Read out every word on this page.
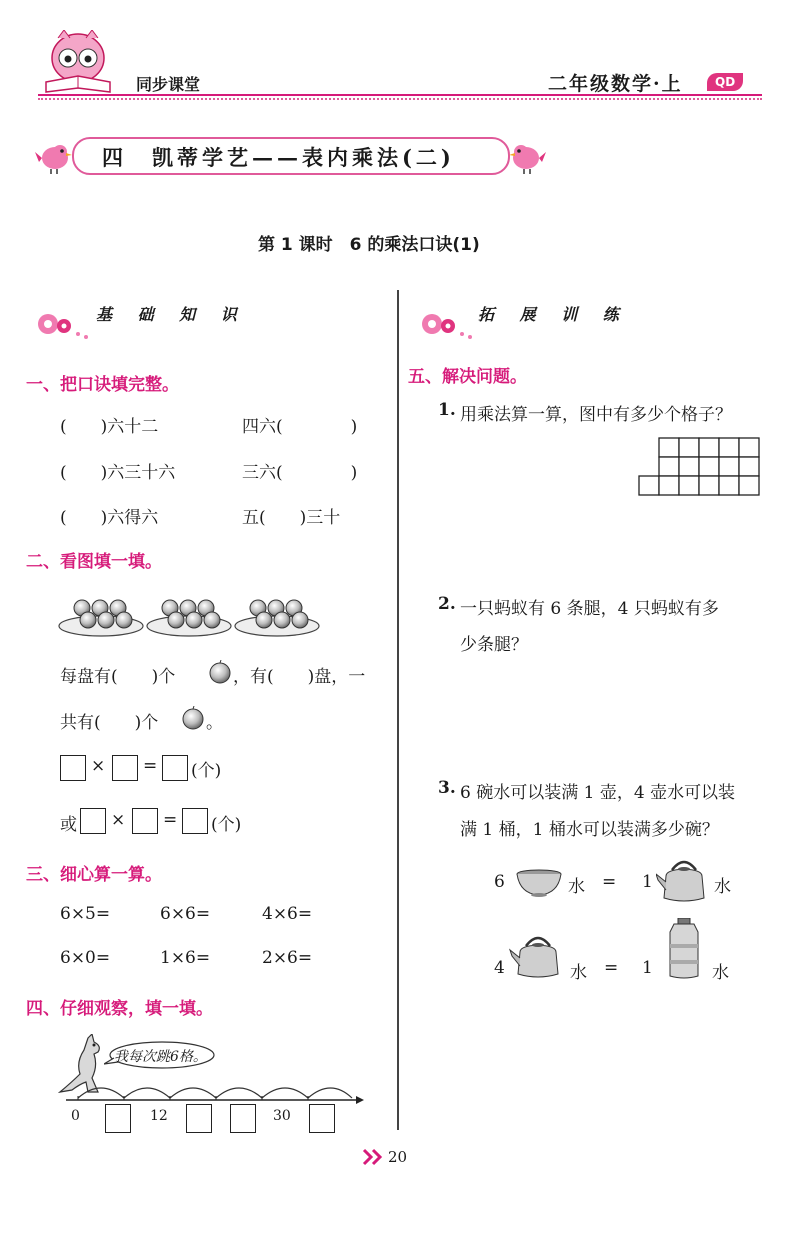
同步课堂	二年级数学·上	QD
四　凯蒂学艺——表内乘法(二)
第 1 课时　6 的乘法口诀(1)
基 础 知 识	拓 展 训 练
一、把口诀填完整。
(　　)六十二	四六(　　　　)
(　　)六三十六	三六(　　　　)
(　　)六得六	五(　　)三十
二、看图填一填。
每盘有(　　)个	，有(　　)盘，一
共有(　　)个	。
× = (个)
或 × = (个)
三、细心算一算。
6×5=	6×6=	4×6=
6×0=	1×6=	2×6=
四、仔细观察，填一填。
我每次跳6格。
0	12	30
五、解决问题。
1. 用乘法算一算，图中有多少个格子？
2. 一只蚂蚁有 6 条腿，4 只蚂蚁有多
少条腿？
3. 6 碗水可以装满 1 壶，4 壶水可以装
满 1 桶，1 桶水可以装满多少碗？
6	水 = 1	水
4	水 = 1	水
20
